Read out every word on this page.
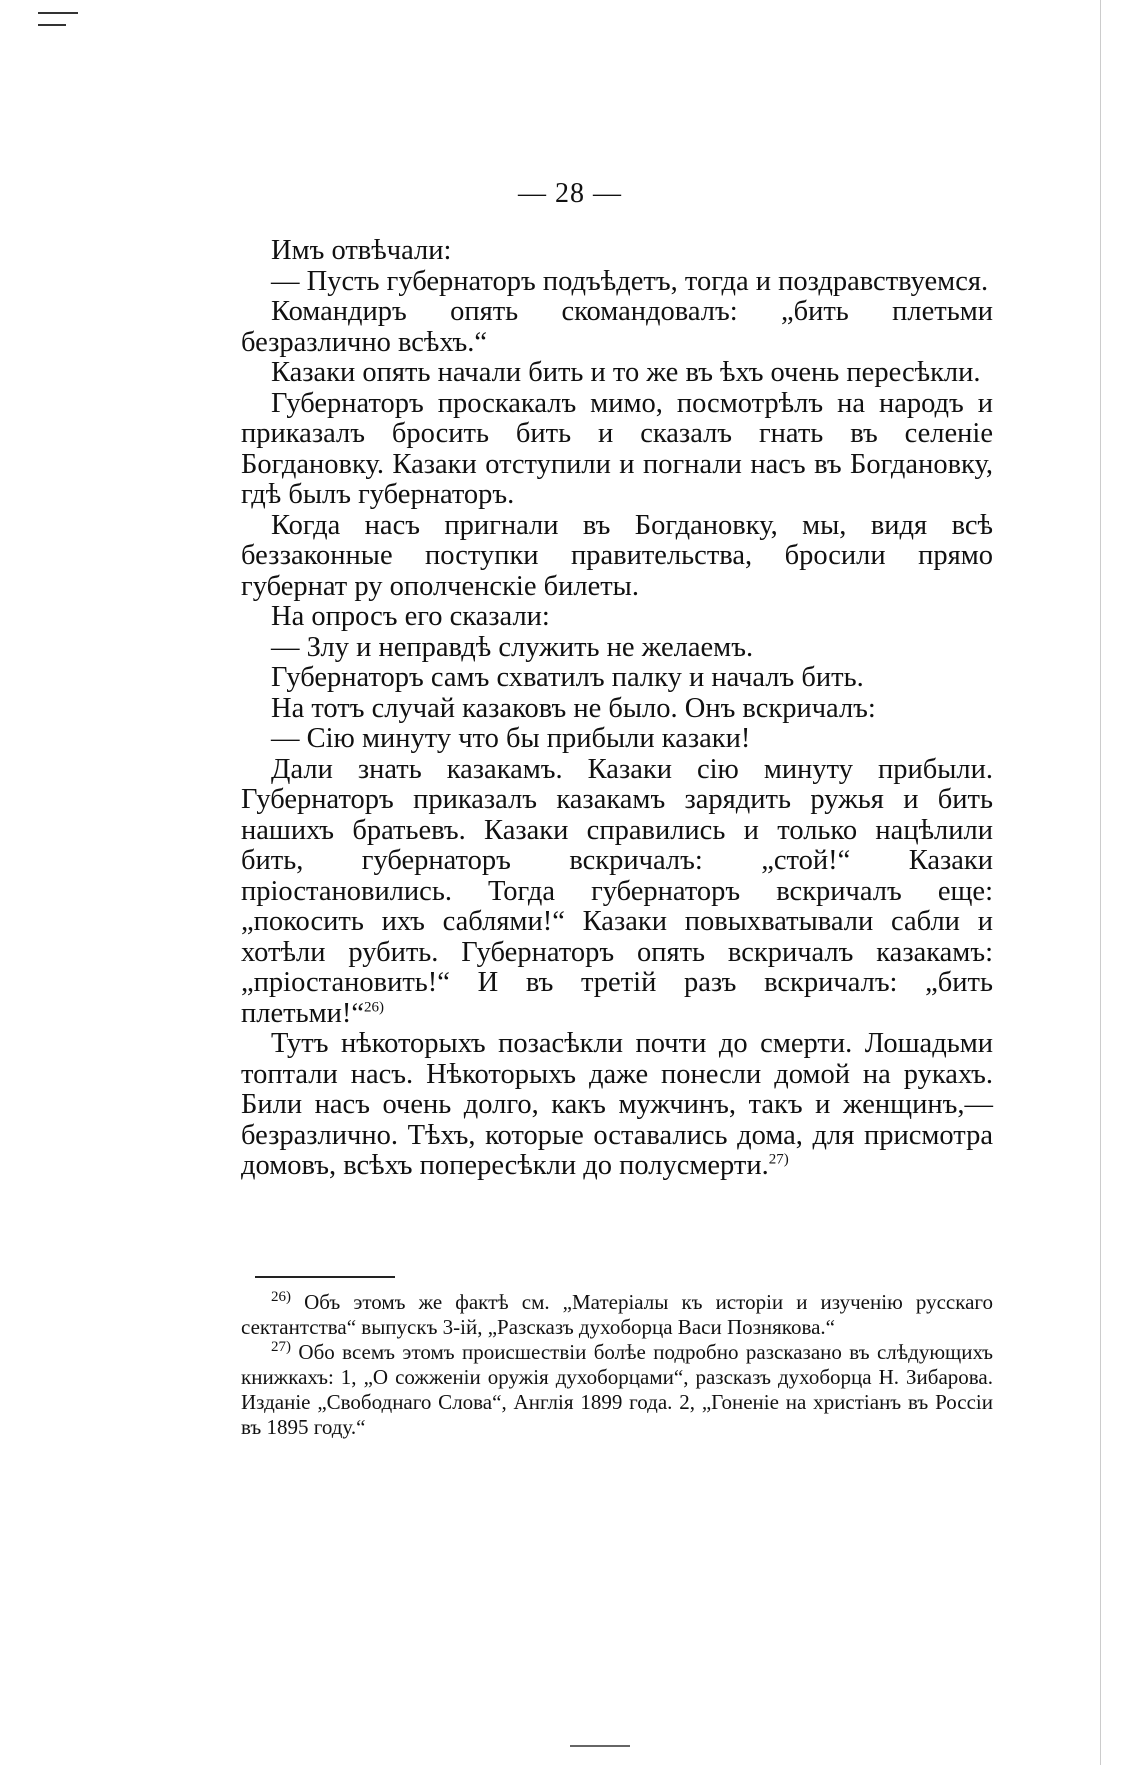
— 28 —

Имъ отвѣчали:

— Пусть губернаторъ подъѣдетъ, тогда и поздравствуемся.

Командиръ опять скомандовалъ: „бить плетьми безразлично всѣхъ.“

Казаки опять начали бить и то же въ ѣхъ очень пересѣкли.

Губернаторъ проскакалъ мимо, посмотрѣлъ на народъ и приказалъ бросить бить и сказалъ гнать въ селеніе Богдановку. Казаки отступили и погнали насъ въ Богдановку, гдѣ былъ губернаторъ.

Когда насъ пригнали въ Богдановку, мы, видя всѣ беззаконные поступки правительства, бросили прямо губернат ру ополченскіе билеты.

На опросъ его сказали:

— Злу и неправдѣ служить не желаемъ.

Губернаторъ самъ схватилъ палку и началъ бить.

На тотъ случай казаковъ не было. Онъ вскричалъ:

— Сію минуту что бы прибыли казаки!

Дали знать казакамъ. Казаки сію минуту прибыли. Губернаторъ приказалъ казакамъ зарядить ружья и бить нашихъ братьевъ. Казаки справились и только нацѣлили бить, губернаторъ вскричалъ: „стой!“ Казаки пріостановились. Тогда губернаторъ вскричалъ еще: „покосить ихъ саблями!“ Казаки повыхватывали сабли и хотѣли рубить. Губернаторъ опять вскричалъ казакамъ: „пріостановить!“ И въ третій разъ вскричалъ: „бить плетьми!“$^{26)}$

Тутъ нѣкоторыхъ позасѣкли почти до смерти. Лошадьми топтали насъ. Нѣкоторыхъ даже понесли домой на рукахъ. Били насъ очень долго, какъ мужчинъ, такъ и женщинъ,—безразлично. Тѣхъ, которые оставались дома, для присмотра домовъ, всѣхъ попересѣкли до полусмерти.$^{27)}$

$^{26)}$ Объ этомъ же фактѣ см. „Матеріалы къ исторіи и изученію русскаго сектантства“ выпускъ 3-ій, „Разсказъ духоборца Васи Познякова.“

$^{27)}$ Обо всемъ этомъ происшествіи болѣе подробно разсказано въ слѣдующихъ книжкахъ: 1, „О сожженіи оружія духоборцами“, разсказъ духоборца Н. Зибарова. Изданіе „Свободнаго Слова“, Англія 1899 года. 2, „Гоненіе на христіанъ въ Россіи въ 1895 году.“
